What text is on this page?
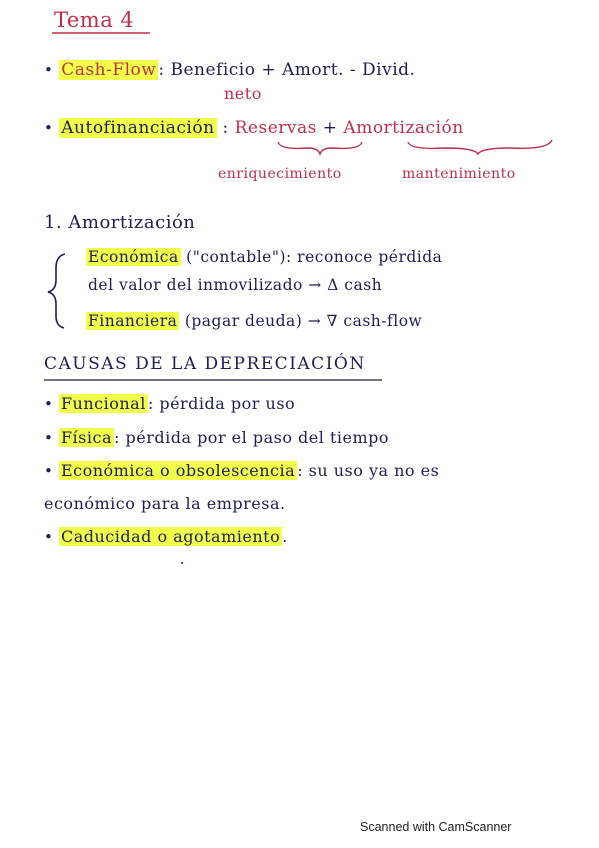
Tema 4
• Cash-Flow : Beneficio + Amort. - Divid.
neto
• Autofinanciación : Reservas + Amortización
enriquecimiento	mantenimiento
1. Amortización
Económica ("contable"): reconoce pérdida
del valor del inmovilizado → Δ cash
Financiera (pagar deuda) → ∇ cash-flow
CAUSAS DE LA DEPRECIACIÓN
• Funcional : pérdida por uso
• Física : pérdida por el paso del tiempo
• Económica o obsolescencia : su uso ya no es
económico para la empresa.
• Caducidad o agotamiento .
Scanned with CamScanner
